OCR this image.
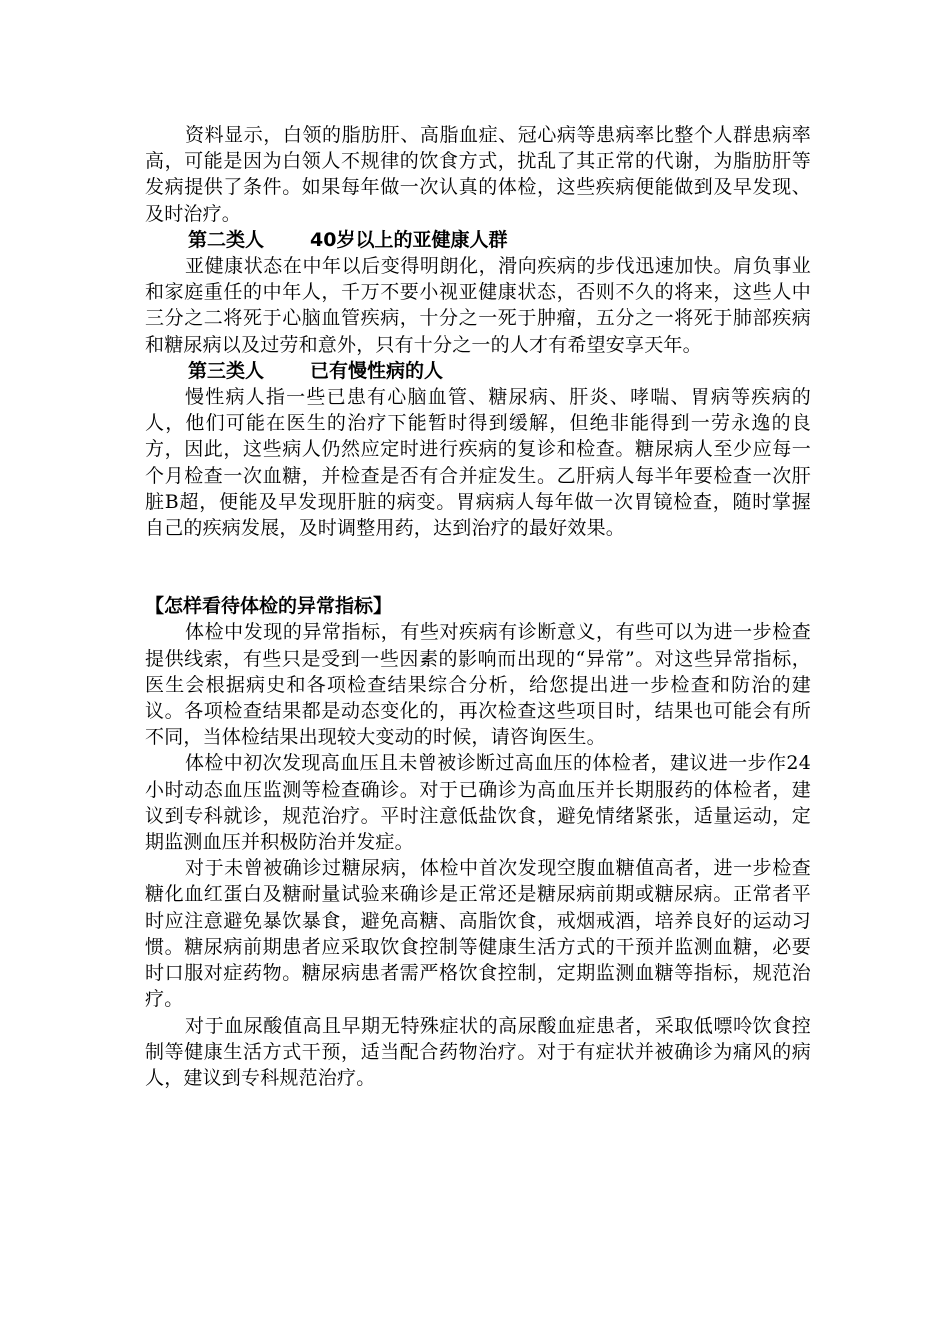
资料显示，白领的脂肪肝、高脂血症、冠心病等患病率比整个人群患病率高，可能是因为白领人不规律的饮食方式，扰乱了其正常的代谢，为脂肪肝等发病提供了条件。如果每年做一次认真的体检，这些疾病便能做到及早发现、及时治疗。

第二类人 40岁以上的亚健康人群

亚健康状态在中年以后变得明朗化，滑向疾病的步伐迅速加快。肩负事业和家庭重任的中年人，千万不要小视亚健康状态，否则不久的将来，这些人中三分之二将死于心脑血管疾病，十分之一死于肿瘤，五分之一将死于肺部疾病和糖尿病以及过劳和意外，只有十分之一的人才有希望安享天年。

第三类人 已有慢性病的人

慢性病人指一些已患有心脑血管、糖尿病、肝炎、哮喘、胃病等疾病的人，他们可能在医生的治疗下能暂时得到缓解，但绝非能得到一劳永逸的良方，因此，这些病人仍然应定时进行疾病的复诊和检查。糖尿病人至少应每一个月检查一次血糖，并检查是否有合并症发生。乙肝病人每半年要检查一次肝脏B超，便能及早发现肝脏的病变。胃病病人每年做一次胃镜检查，随时掌握自己的疾病发展，及时调整用药，达到治疗的最好效果。

【怎样看待体检的异常指标】

体检中发现的异常指标，有些对疾病有诊断意义，有些可以为进一步检查提供线索，有些只是受到一些因素的影响而出现的“异常”。对这些异常指标，医生会根据病史和各项检查结果综合分析，给您提出进一步检查和防治的建议。各项检查结果都是动态变化的，再次检查这些项目时，结果也可能会有所不同，当体检结果出现较大变动的时候，请咨询医生。

体检中初次发现高血压且未曾被诊断过高血压的体检者，建议进一步作24小时动态血压监测等检查确诊。对于已确诊为高血压并长期服药的体检者，建议到专科就诊，规范治疗。平时注意低盐饮食，避免情绪紧张，适量运动，定期监测血压并积极防治并发症。

对于未曾被确诊过糖尿病，体检中首次发现空腹血糖值高者，进一步检查糖化血红蛋白及糖耐量试验来确诊是正常还是糖尿病前期或糖尿病。正常者平时应注意避免暴饮暴食，避免高糖、高脂饮食，戒烟戒酒，培养良好的运动习惯。糖尿病前期患者应采取饮食控制等健康生活方式的干预并监测血糖，必要时口服对症药物。糖尿病患者需严格饮食控制，定期监测血糖等指标，规范治疗。

对于血尿酸值高且早期无特殊症状的高尿酸血症患者，采取低嘌呤饮食控制等健康生活方式干预，适当配合药物治疗。对于有症状并被确诊为痛风的病人，建议到专科规范治疗。
